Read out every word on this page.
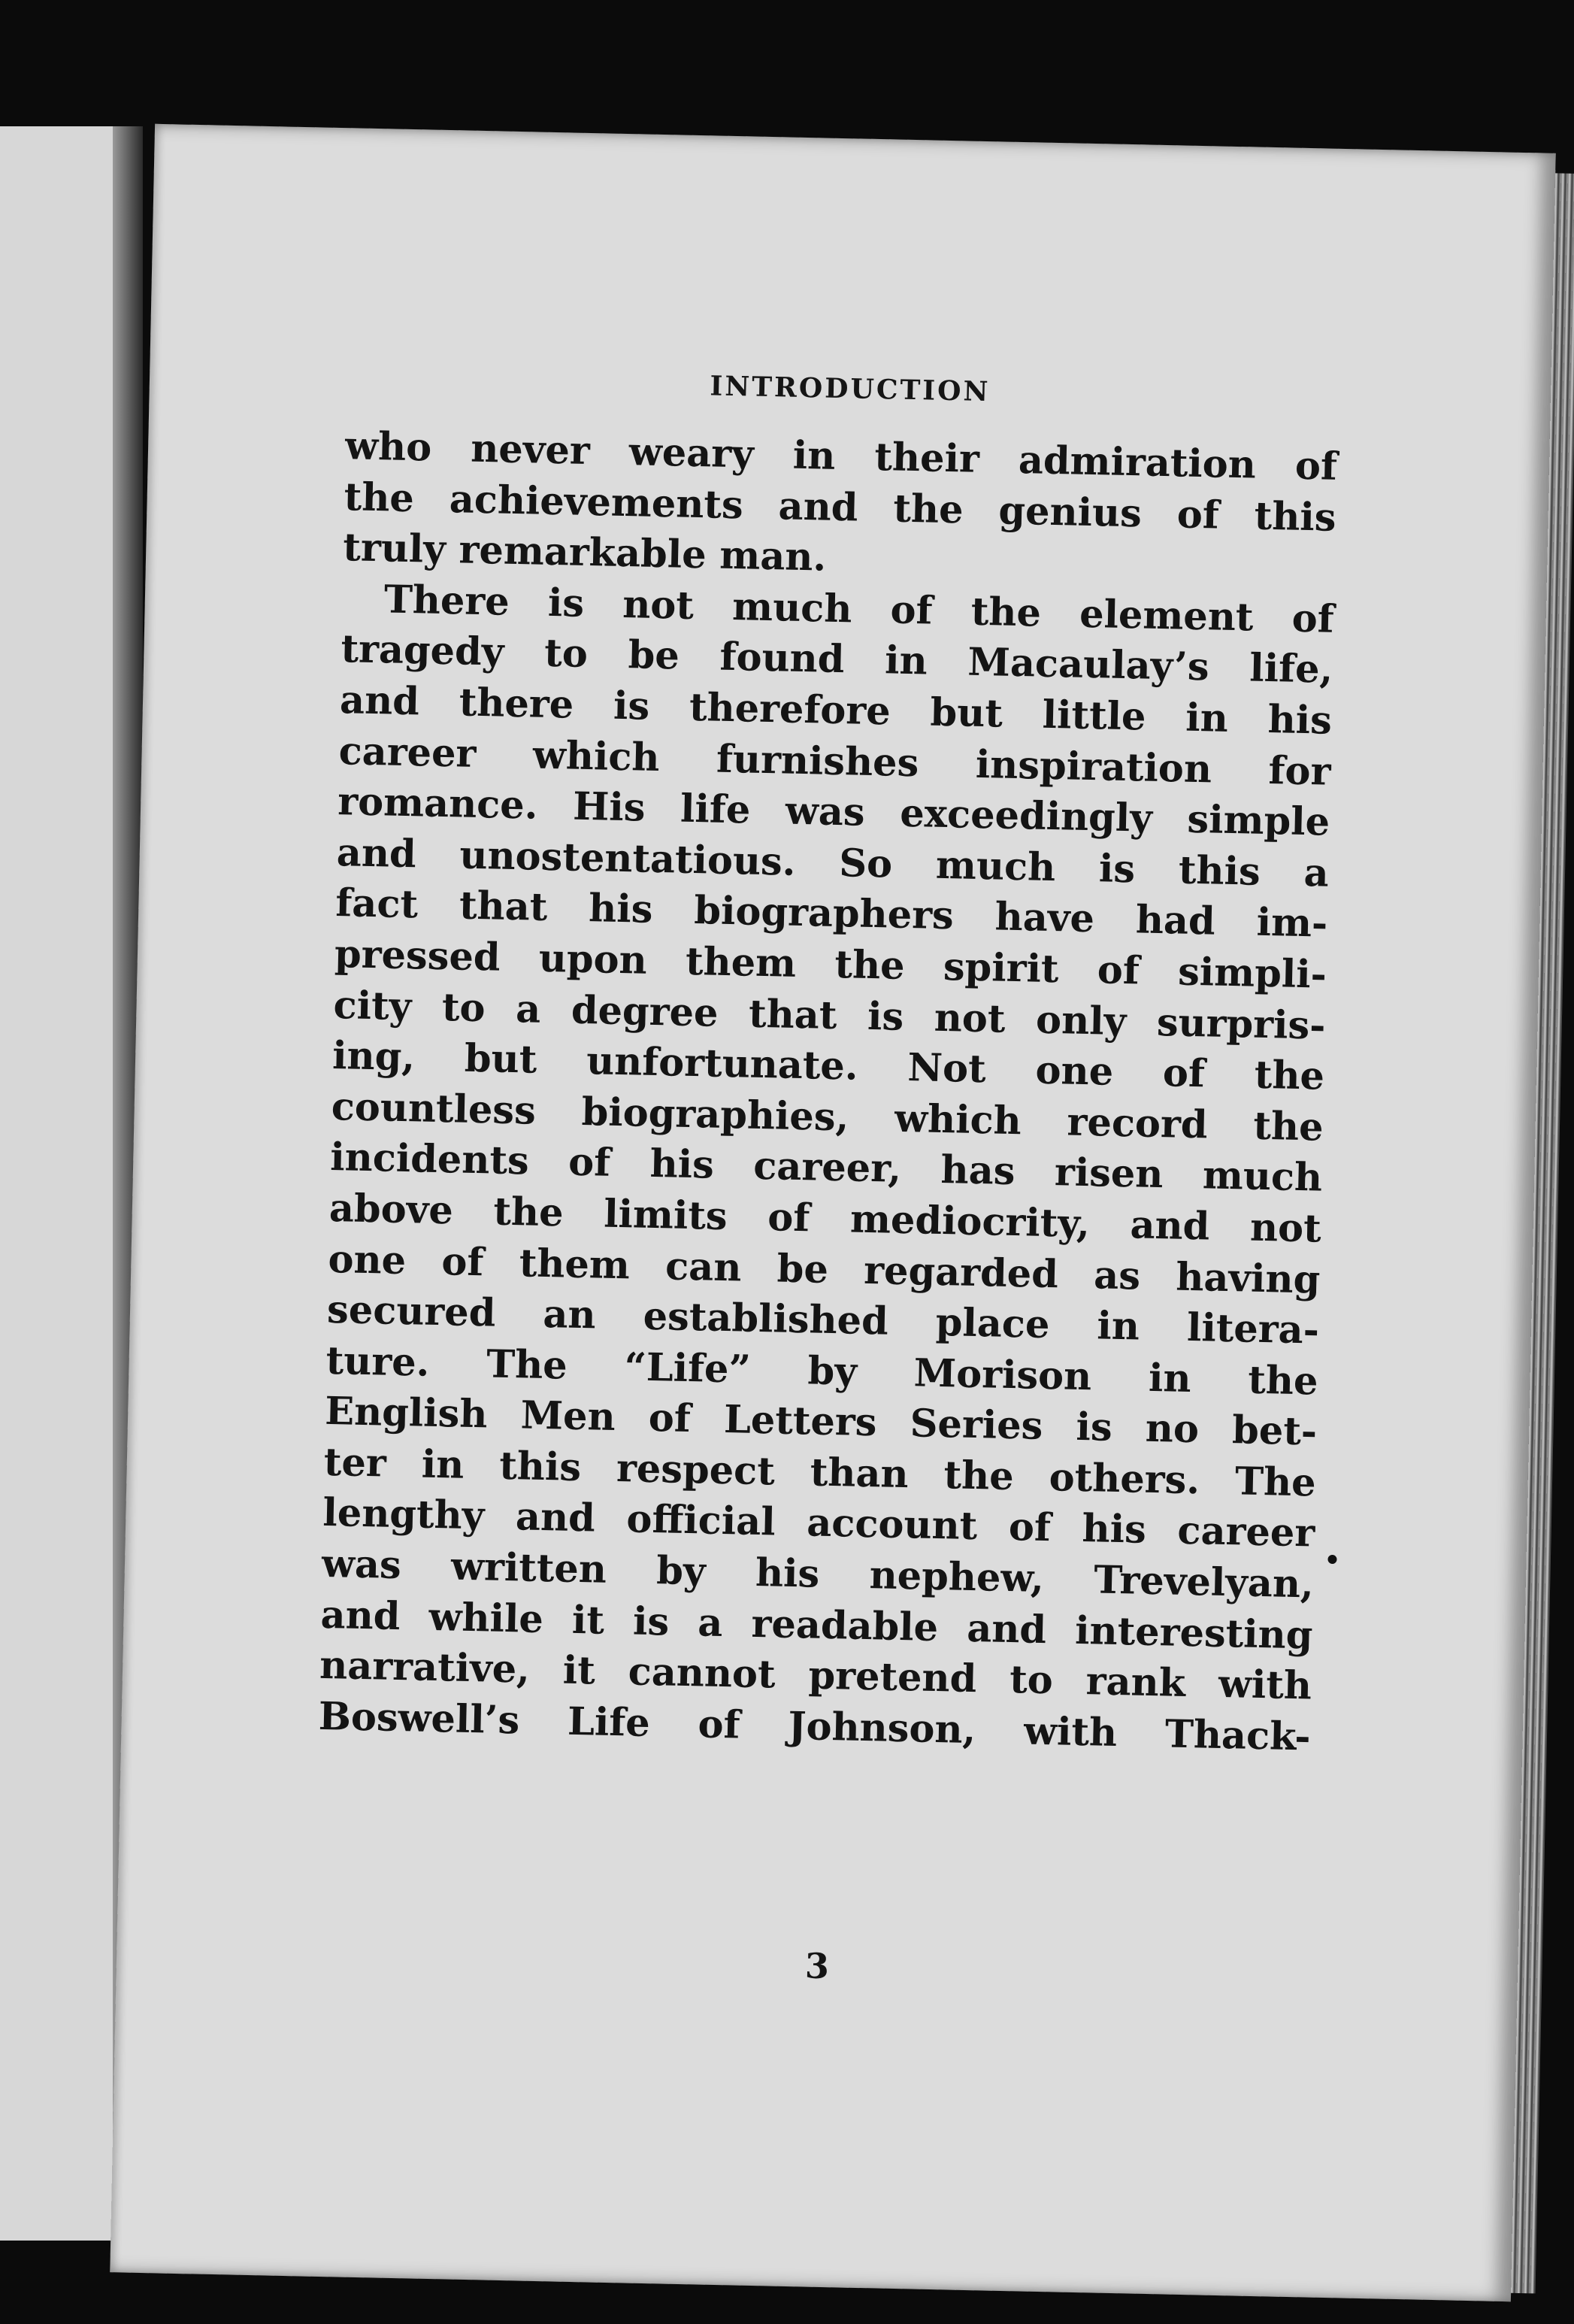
INTRODUCTION
who never weary in their admiration of
the achievements and the genius of this
truly remarkable man.
There is not much of the element of
tragedy to be found in Macaulay’s life,
and there is therefore but little in his
career which furnishes inspiration for
romance. His life was exceedingly simple
and unostentatious. So much is this a
fact that his biographers have had im-
pressed upon them the spirit of simpli-
city to a degree that is not only surpris-
ing, but unfortunate. Not one of the
countless biographies, which record the
incidents of his career, has risen much
above the limits of mediocrity, and not
one of them can be regarded as having
secured an established place in litera-
ture. The “Life” by Morison in the
English Men of Letters Series is no bet-
ter in this respect than the others. The
lengthy and official account of his career
was written by his nephew, Trevelyan,
and while it is a readable and interesting
narrative, it cannot pretend to rank with
Boswell’s Life of Johnson, with Thack-
3
